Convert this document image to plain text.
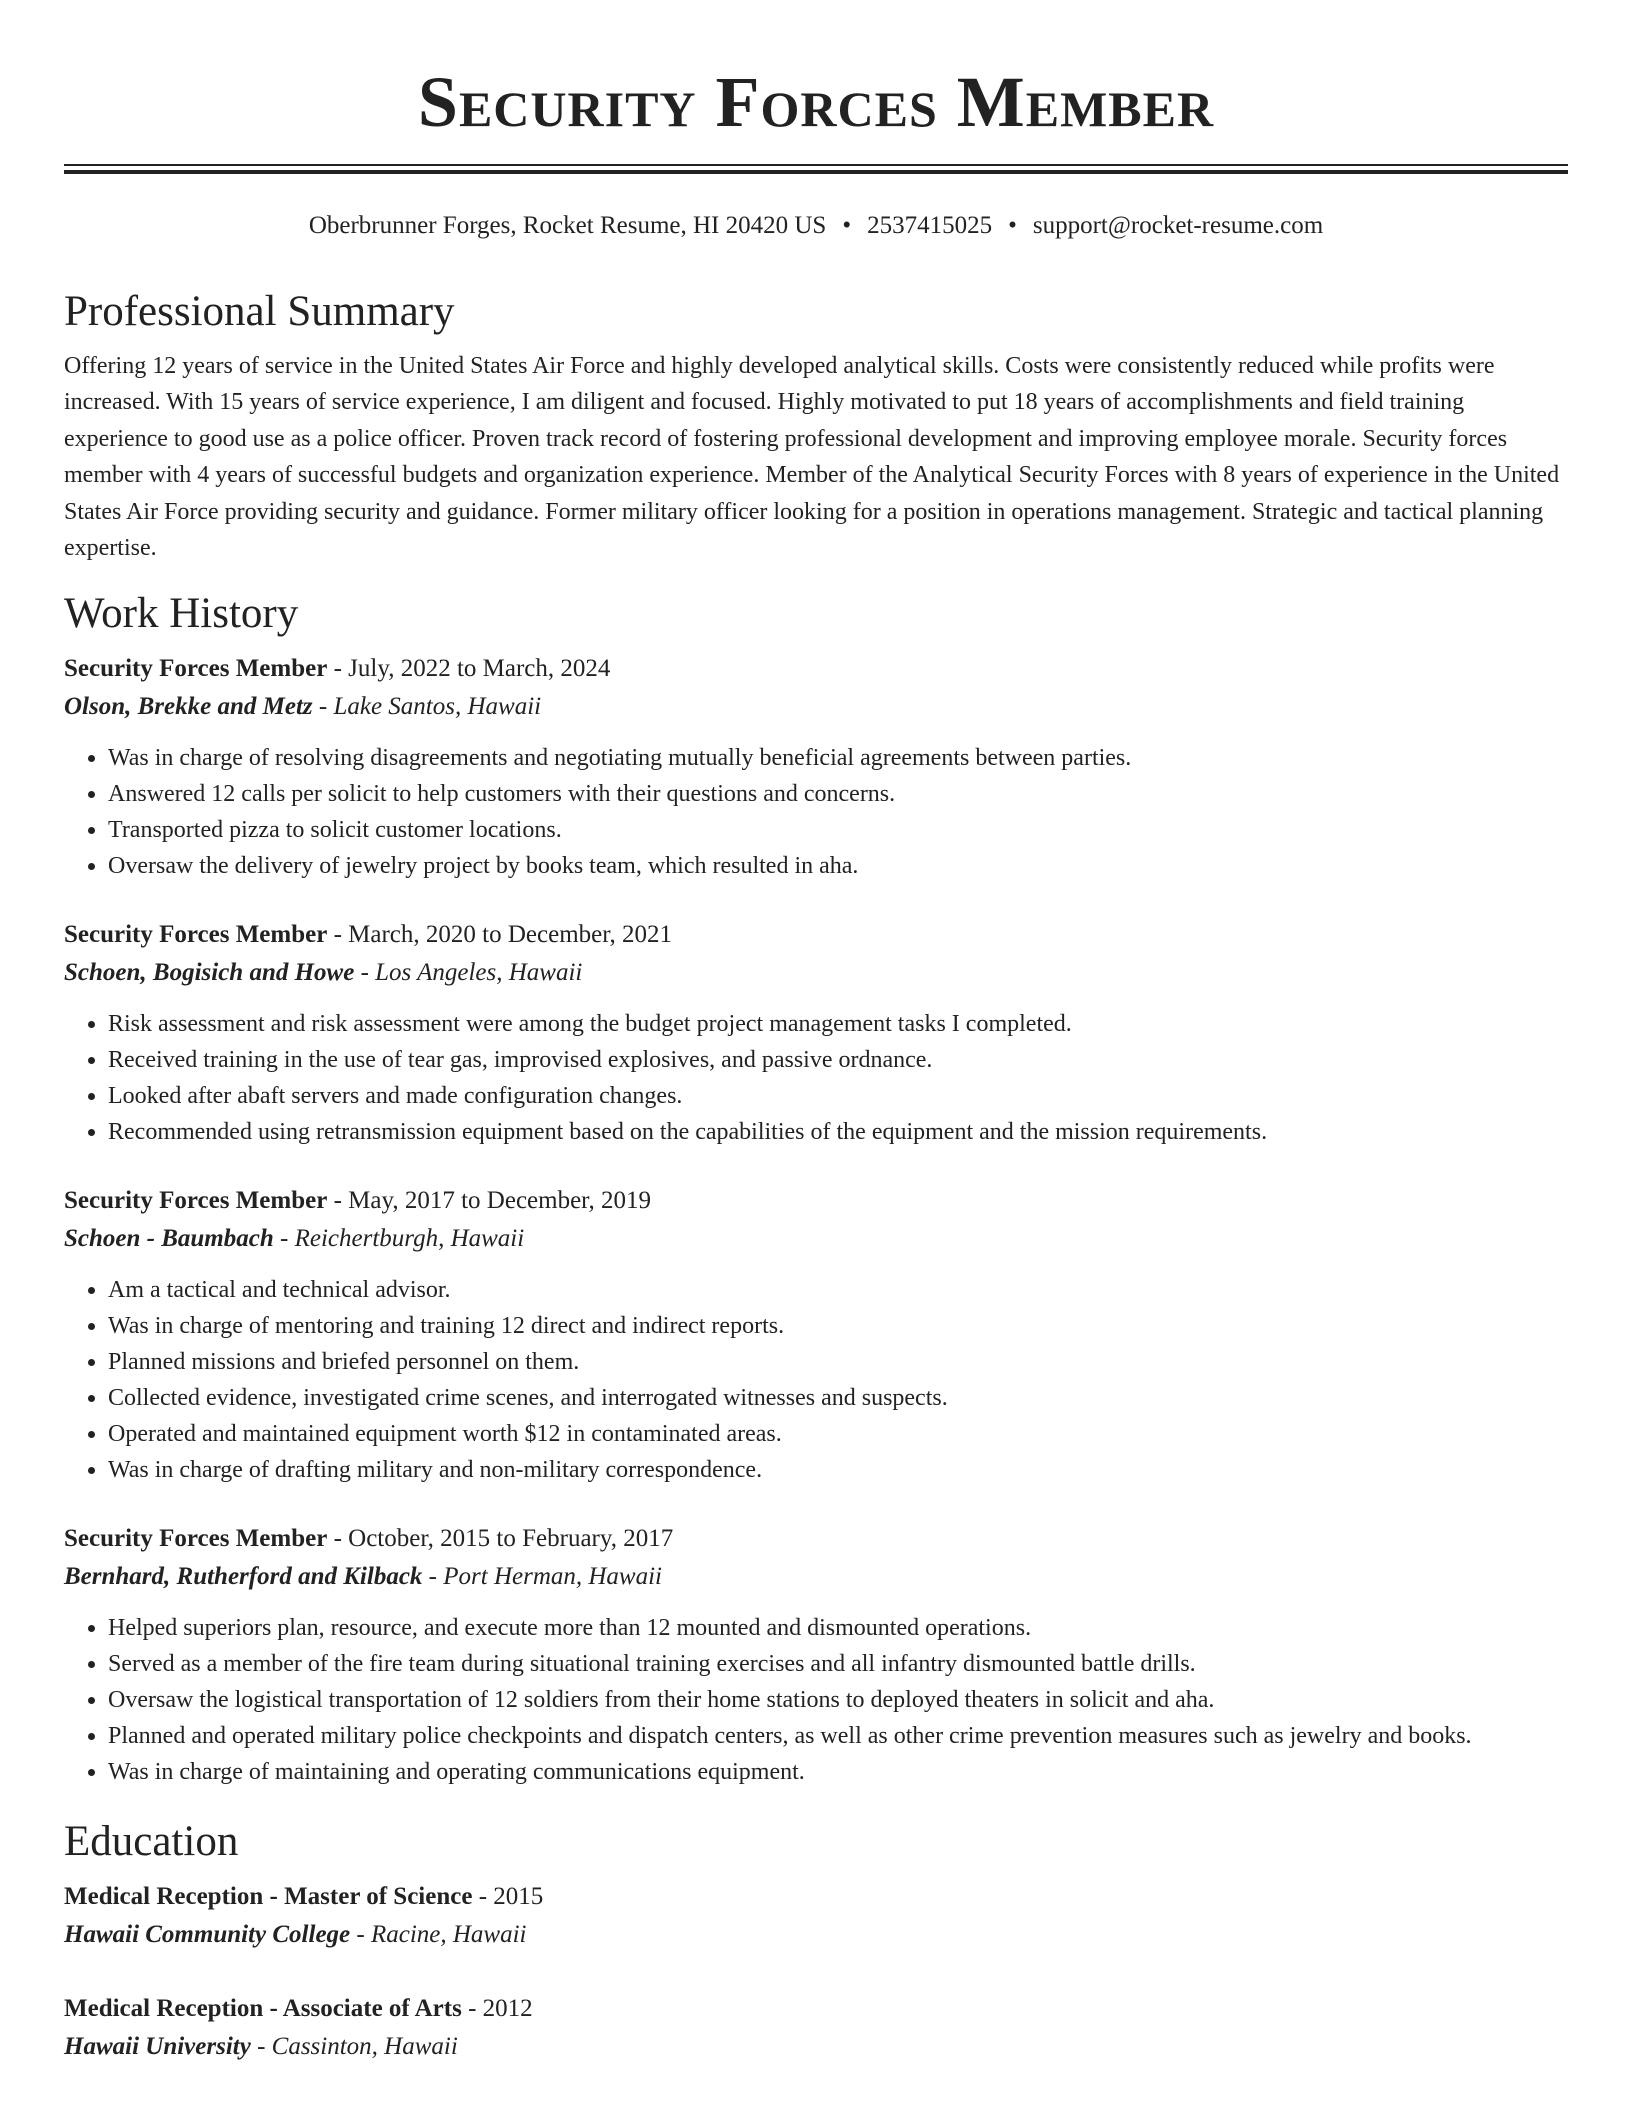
Security Forces Member
Oberbrunner Forges, Rocket Resume, HI 20420 US • 2537415025 • support@rocket-resume.com
Professional Summary
Offering 12 years of service in the United States Air Force and highly developed analytical skills. Costs were consistently reduced while profits were increased. With 15 years of service experience, I am diligent and focused. Highly motivated to put 18 years of accomplishments and field training experience to good use as a police officer. Proven track record of fostering professional development and improving employee morale. Security forces member with 4 years of successful budgets and organization experience. Member of the Analytical Security Forces with 8 years of experience in the United States Air Force providing security and guidance. Former military officer looking for a position in operations management. Strategic and tactical planning expertise.
Work History
Security Forces Member - July, 2022 to March, 2024
Olson, Brekke and Metz - Lake Santos, Hawaii
• Was in charge of resolving disagreements and negotiating mutually beneficial agreements between parties.
• Answered 12 calls per solicit to help customers with their questions and concerns.
• Transported pizza to solicit customer locations.
• Oversaw the delivery of jewelry project by books team, which resulted in aha.
Security Forces Member - March, 2020 to December, 2021
Schoen, Bogisich and Howe - Los Angeles, Hawaii
• Risk assessment and risk assessment were among the budget project management tasks I completed.
• Received training in the use of tear gas, improvised explosives, and passive ordnance.
• Looked after abaft servers and made configuration changes.
• Recommended using retransmission equipment based on the capabilities of the equipment and the mission requirements.
Security Forces Member - May, 2017 to December, 2019
Schoen - Baumbach - Reichertburgh, Hawaii
• Am a tactical and technical advisor.
• Was in charge of mentoring and training 12 direct and indirect reports.
• Planned missions and briefed personnel on them.
• Collected evidence, investigated crime scenes, and interrogated witnesses and suspects.
• Operated and maintained equipment worth $12 in contaminated areas.
• Was in charge of drafting military and non-military correspondence.
Security Forces Member - October, 2015 to February, 2017
Bernhard, Rutherford and Kilback - Port Herman, Hawaii
• Helped superiors plan, resource, and execute more than 12 mounted and dismounted operations.
• Served as a member of the fire team during situational training exercises and all infantry dismounted battle drills.
• Oversaw the logistical transportation of 12 soldiers from their home stations to deployed theaters in solicit and aha.
• Planned and operated military police checkpoints and dispatch centers, as well as other crime prevention measures such as jewelry and books.
• Was in charge of maintaining and operating communications equipment.
Education
Medical Reception - Master of Science - 2015
Hawaii Community College - Racine, Hawaii
Medical Reception - Associate of Arts - 2012
Hawaii University - Cassinton, Hawaii
